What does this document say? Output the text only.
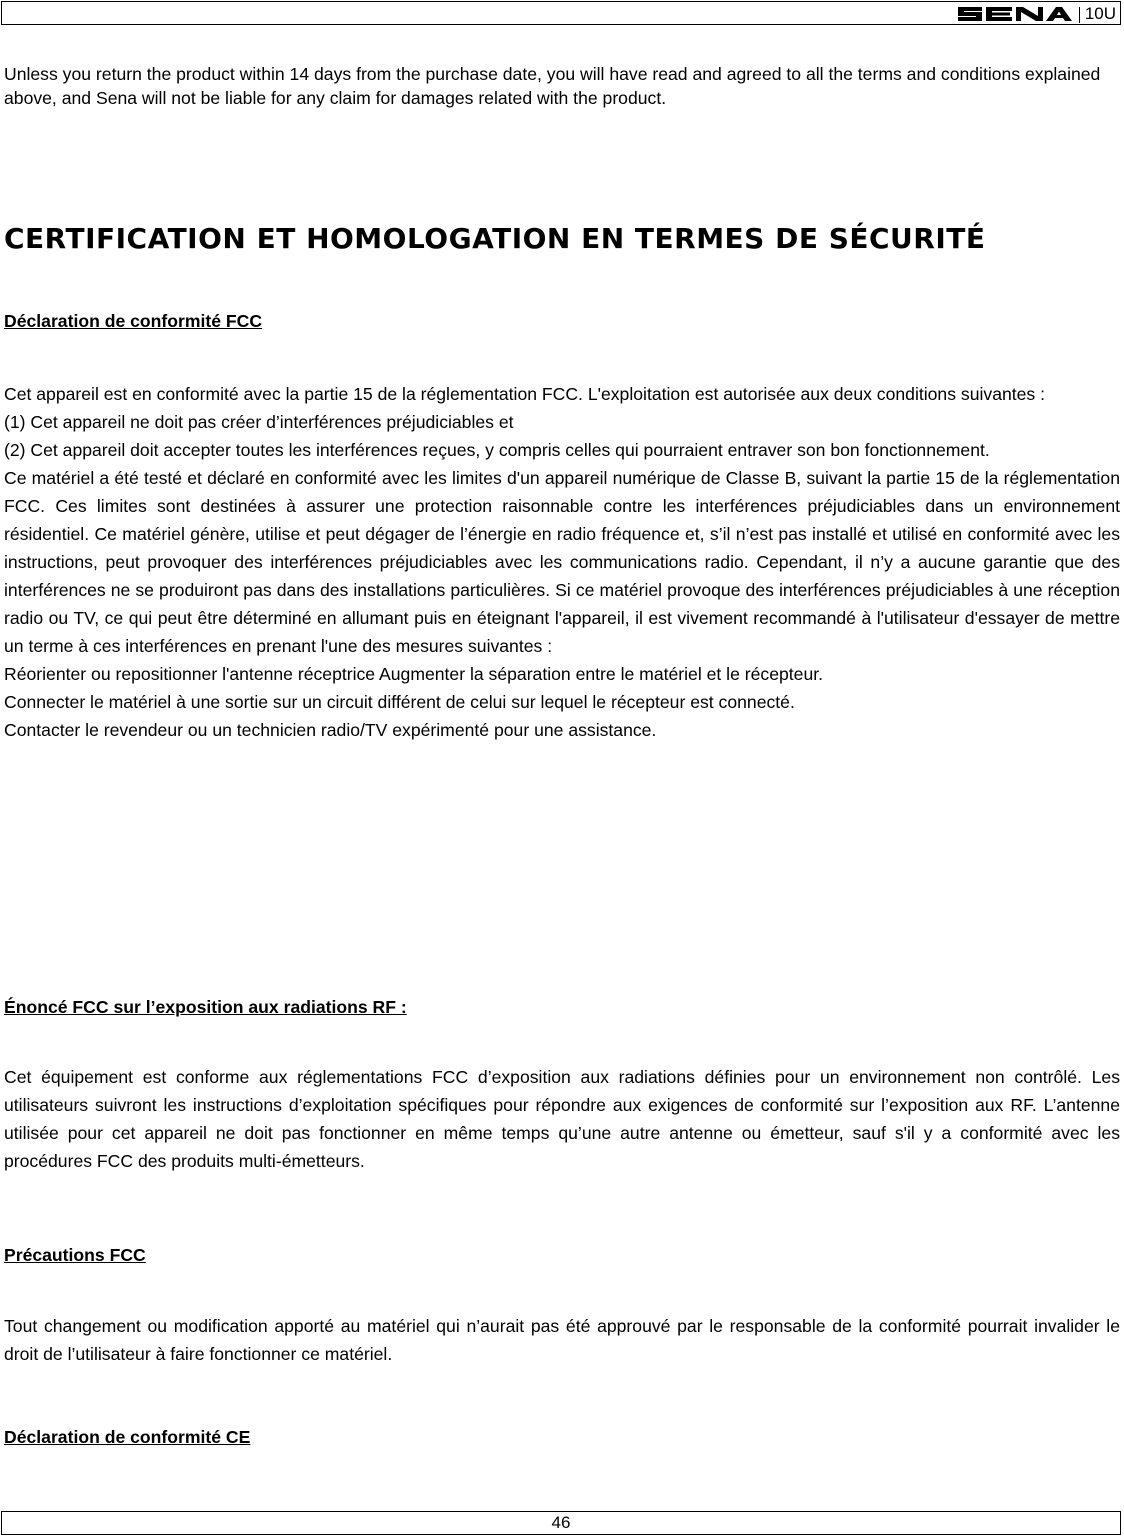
10U

Unless you return the product within 14 days from the purchase date, you will have read and agreed to all the terms and conditions explained above, and Sena will not be liable for any claim for damages related with the product.

CERTIFICATION ET HOMOLOGATION EN TERMES DE SÉCURITÉ
Déclaration de conformité FCC

Cet appareil est en conformité avec la partie 15 de la réglementation FCC. L'exploitation est autorisée aux deux conditions suivantes :

(1) Cet appareil ne doit pas créer d’interférences préjudiciables et

(2) Cet appareil doit accepter toutes les interférences reçues, y compris celles qui pourraient entraver son bon fonctionnement.

Ce matériel a été testé et déclaré en conformité avec les limites d'un appareil numérique de Classe B, suivant la partie 15 de la réglementation FCC. Ces limites sont destinées à assurer une protection raisonnable contre les interférences préjudiciables dans un environnement résidentiel. Ce matériel génère, utilise et peut dégager de l’énergie en radio fréquence et, s’il n’est pas installé et utilisé en conformité avec les instructions, peut provoquer des interférences préjudiciables avec les communications radio. Cependant, il n’y a aucune garantie que des interférences ne se produiront pas dans des installations particulières. Si ce matériel provoque des interférences préjudiciables à une réception radio ou TV, ce qui peut être déterminé en allumant puis en éteignant l'appareil, il est vivement recommandé à l'utilisateur d'essayer de mettre un terme à ces interférences en prenant l'une des mesures suivantes :

Réorienter ou repositionner l'antenne réceptrice Augmenter la séparation entre le matériel et le récepteur.

Connecter le matériel à une sortie sur un circuit différent de celui sur lequel le récepteur est connecté.

Contacter le revendeur ou un technicien radio/TV expérimenté pour une assistance.

Énoncé FCC sur l’exposition aux radiations RF :

Cet équipement est conforme aux réglementations FCC d’exposition aux radiations définies pour un environnement non contrôlé. Les utilisateurs suivront les instructions d’exploitation spécifiques pour répondre aux exigences de conformité sur l’exposition aux RF. L’antenne utilisée pour cet appareil ne doit pas fonctionner en même temps qu’une autre antenne ou émetteur, sauf s'il y a conformité avec les procédures FCC des produits multi-émetteurs.

Précautions FCC

Tout changement ou modification apporté au matériel qui n’aurait pas été approuvé par le responsable de la conformité pourrait invalider le droit de l’utilisateur à faire fonctionner ce matériel.

Déclaration de conformité CE
46
